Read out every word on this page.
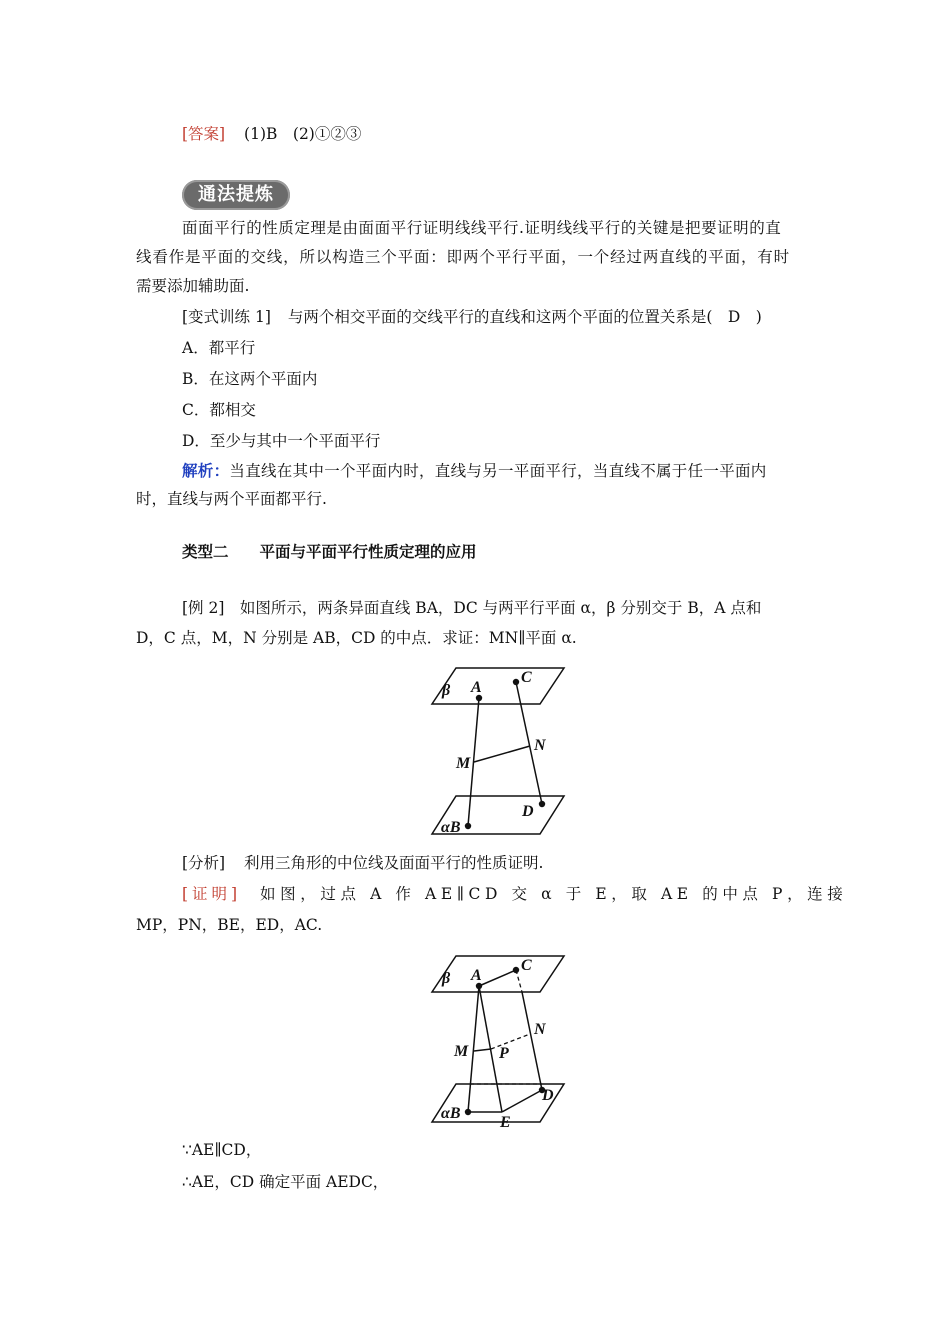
[答案] (1)B　(2)①②③
通法提炼
面面平行的性质定理是由面面平行证明线线平行.证明线线平行的关键是把要证明的直
线看作是平面的交线，所以构造三个平面：即两个平行平面，一个经过两直线的平面，有时
需要添加辅助面.
[变式训练 1] 与两个相交平面的交线平行的直线和这两个平面的位置关系是(　D　)
A．都平行
B．在这两个平面内
C．都相交
D．至少与其中一个平面平行
解析：当直线在其中一个平面内时，直线与另一平面平行，当直线不属于任一平面内
时，直线与两个平面都平行.
类型二　　平面与平面平行性质定理的应用
[例 2]　如图所示，两条异面直线 BA，DC 与两平行平面 α，β 分别交于 B，A 点和
D，C 点，M，N 分别是 AB，CD 的中点．求证：MN∥平面 α.
β A
C
N
M
D
αB
[分析] 利用三角形的中位线及面面平行的性质证明.
[证明] 如图，过点 A 作 AE∥CD 交 α 于 E，取 AE 的中点 P，连接
MP，PN，BE，ED，AC.
β A
C
N
M P
D
αB
E
∵AE∥CD，
∴AE，CD 确定平面 AEDC，
